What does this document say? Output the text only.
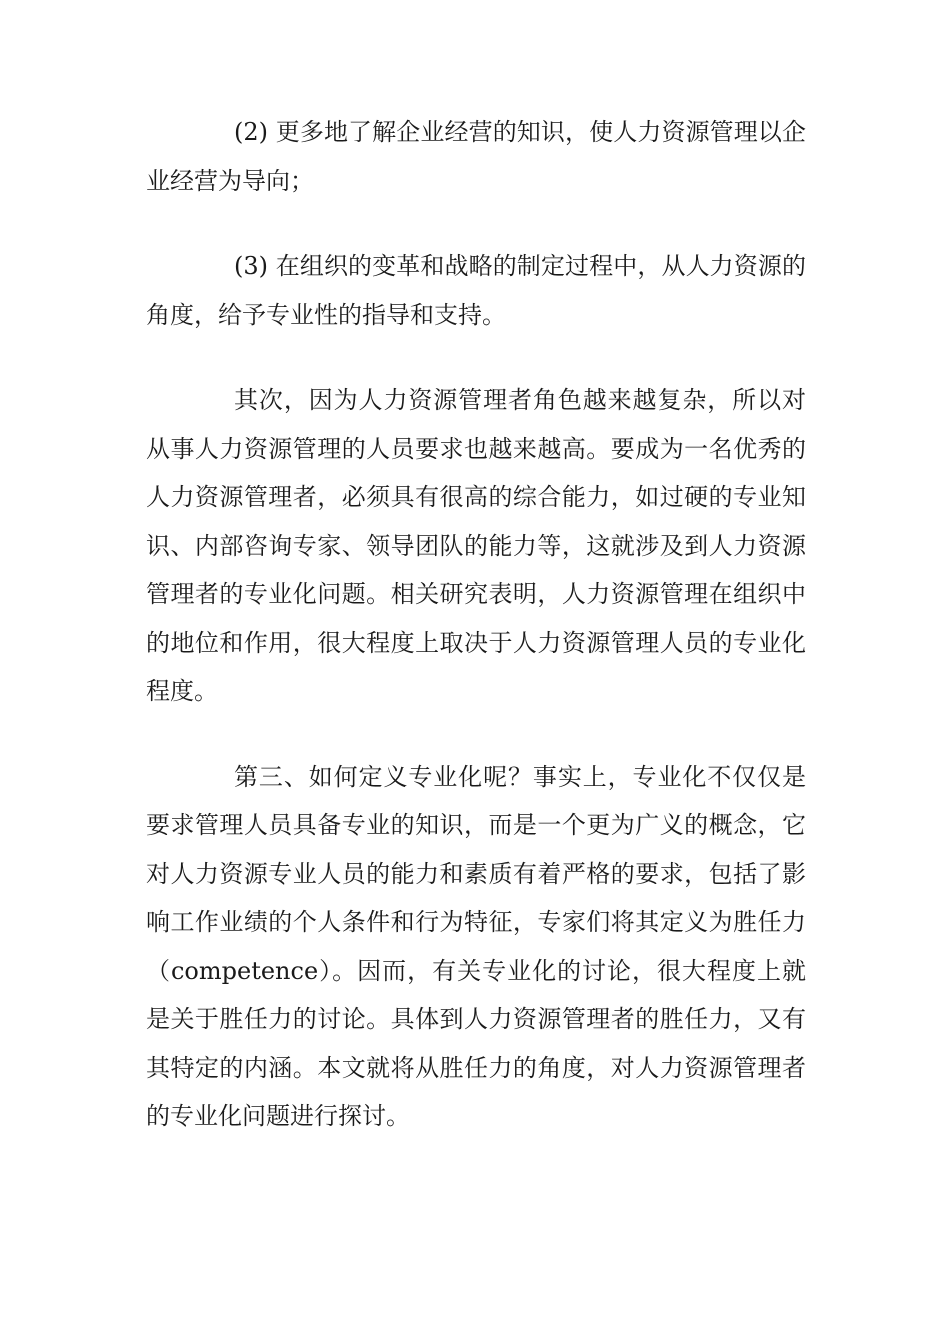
(2) 更多地了解企业经营的知识，使人力资源管理以企业经营为导向；

(3) 在组织的变革和战略的制定过程中，从人力资源的角度，给予专业性的指导和支持。

其次，因为人力资源管理者角色越来越复杂，所以对从事人力资源管理的人员要求也越来越高。要成为一名优秀的人力资源管理者，必须具有很高的综合能力，如过硬的专业知识、内部咨询专家、领导团队的能力等，这就涉及到人力资源管理者的专业化问题。相关研究表明，人力资源管理在组织中的地位和作用，很大程度上取决于人力资源管理人员的专业化程度。

第三、如何定义专业化呢？事实上，专业化不仅仅是要求管理人员具备专业的知识，而是一个更为广义的概念，它对人力资源专业人员的能力和素质有着严格的要求，包括了影响工作业绩的个人条件和行为特征，专家们将其定义为胜任力（competence）。因而，有关专业化的讨论，很大程度上就是关于胜任力的讨论。具体到人力资源管理者的胜任力，又有其特定的内涵。本文就将从胜任力的角度，对人力资源管理者的专业化问题进行探讨。
